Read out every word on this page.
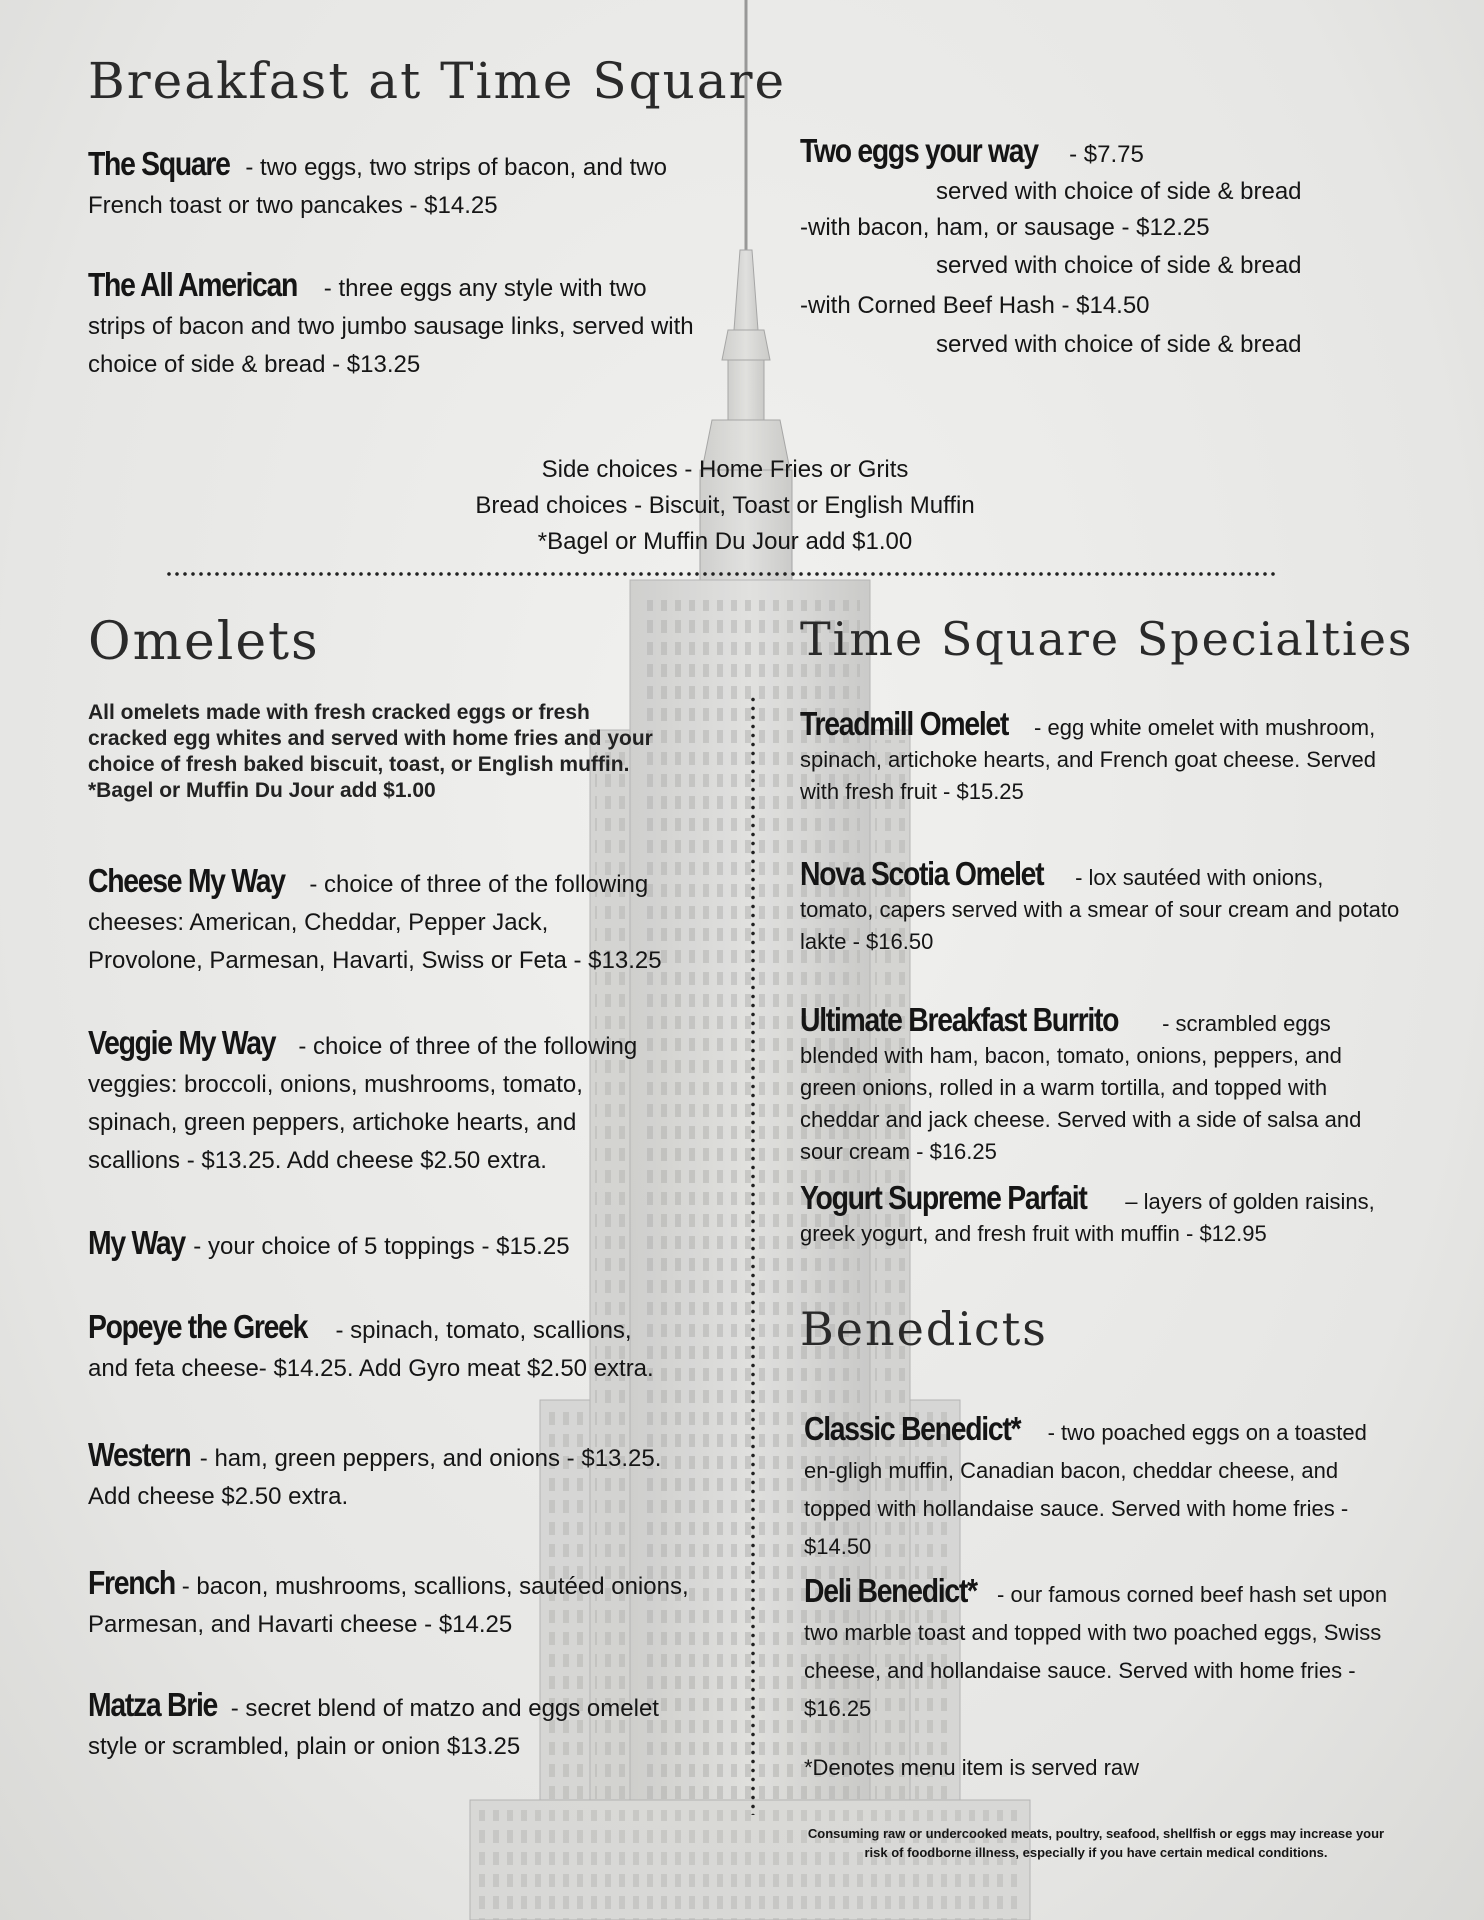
Breakfast at Time Square

The Square - two eggs, two strips of bacon, and two French toast or two pancakes - $14.25

The All American - three eggs any style with two strips of bacon and two jumbo sausage links, served with choice of side & bread - $13.25

Two eggs your way - $7.75

served with choice of side & bread

-with bacon, ham, or sausage - $12.25

served with choice of side & bread

-with Corned Beef Hash - $14.50

served with choice of side & bread

Side choices - Home Fries or Grits

Bread choices - Biscuit, Toast or English Muffin

*Bagel or Muffin Du Jour add $1.00

Omelets

All omelets made with fresh cracked eggs or fresh cracked egg whites and served with home fries and your choice of fresh baked biscuit, toast, or English muffin. *Bagel or Muffin Du Jour add $1.00

Cheese My Way - choice of three of the following cheeses: American, Cheddar, Pepper Jack, Provolone, Parmesan, Havarti, Swiss or Feta - $13.25

Veggie My Way - choice of three of the following veggies: broccoli, onions, mushrooms, tomato, spinach, green peppers, artichoke hearts, and scallions - $13.25. Add cheese $2.50 extra.

My Way - your choice of 5 toppings - $15.25

Popeye the Greek - spinach, tomato, scallions, and feta cheese- $14.25. Add Gyro meat $2.50 extra.

Western - ham, green peppers, and onions - $13.25. Add cheese $2.50 extra.

French - bacon, mushrooms, scallions, sautéed onions, Parmesan, and Havarti cheese - $14.25

Matza Brie - secret blend of matzo and eggs omelet style or scrambled, plain or onion $13.25

Time Square Specialties

Treadmill Omelet - egg white omelet with mushroom, spinach, artichoke hearts, and French goat cheese. Served with fresh fruit - $15.25

Nova Scotia Omelet - lox sautéed with onions, tomato, capers served with a smear of sour cream and potato lakte - $16.50

Ultimate Breakfast Burrito - scrambled eggs blended with ham, bacon, tomato, onions, peppers, and green onions, rolled in a warm tortilla, and topped with cheddar and jack cheese. Served with a side of salsa and sour cream - $16.25

Yogurt Supreme Parfait – layers of golden raisins, greek yogurt, and fresh fruit with muffin - $12.95

Benedicts

Classic Benedict* - two poached eggs on a toasted en-gligh muffin, Canadian bacon, cheddar cheese, and topped with hollandaise sauce. Served with home fries - $14.50

Deli Benedict* - our famous corned beef hash set upon two marble toast and topped with two poached eggs, Swiss cheese, and hollandaise sauce. Served with home fries - $16.25

*Denotes menu item is served raw

Consuming raw or undercooked meats, poultry, seafood, shellfish or eggs may increase your risk of foodborne illness, especially if you have certain medical conditions.
